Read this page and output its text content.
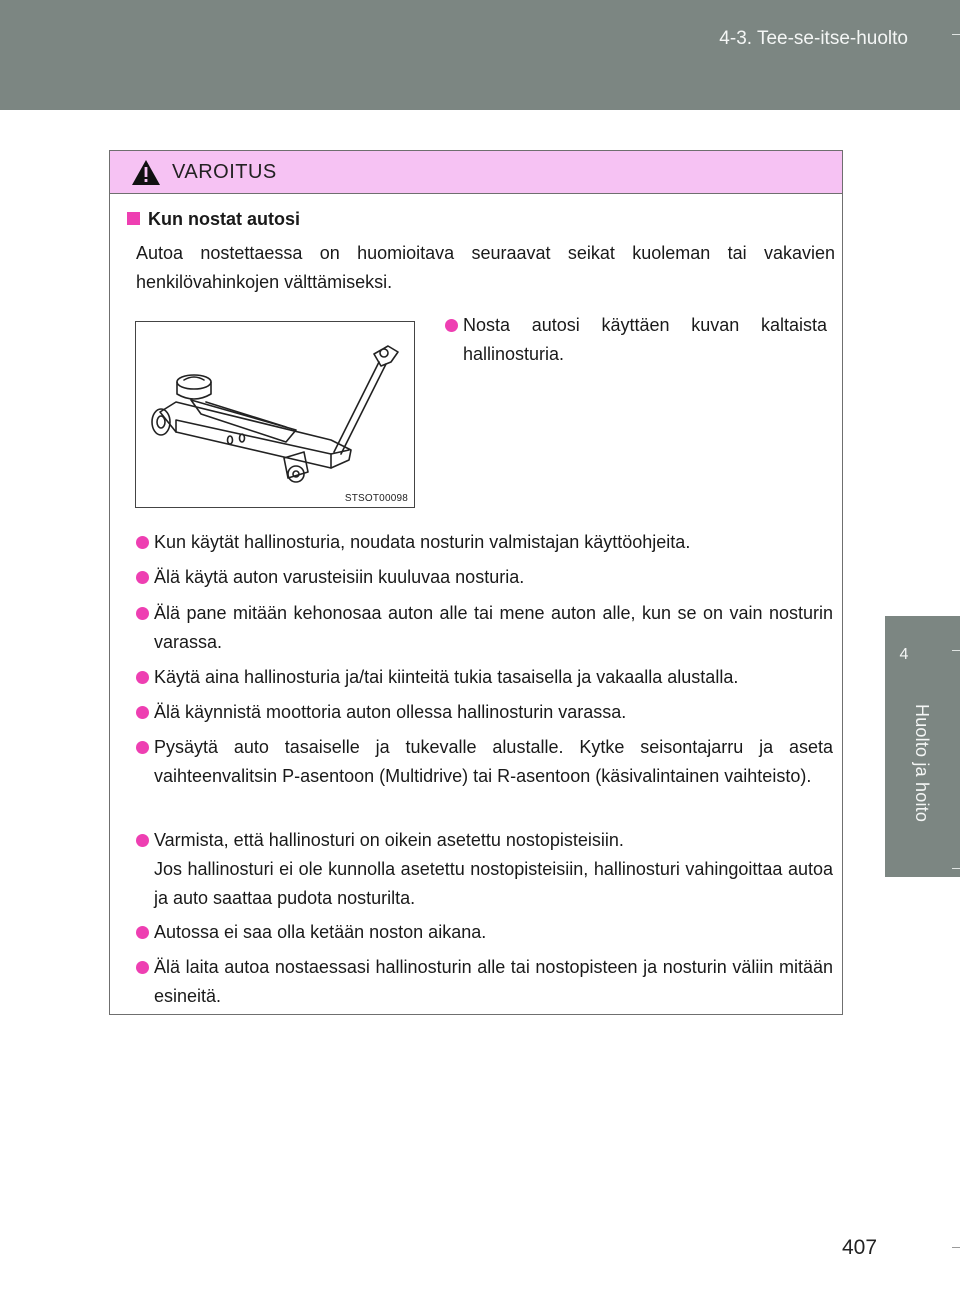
4-3. Tee-se-itse-huolto
4
Huolto ja hoito
VAROITUS
Kun nostat autosi
Autoa nostettaessa on huomioitava seuraavat seikat kuoleman tai vakavien henkilövahinkojen välttämiseksi.
STSOT00098
Nosta autosi käyttäen kuvan kaltaista hallinosturia.
Kun käytät hallinosturia, noudata nosturin valmistajan käyttöohjeita.
Älä käytä auton varusteisiin kuuluvaa nosturia.
Älä pane mitään kehonosaa auton alle tai mene auton alle, kun se on vain nosturin varassa.
Käytä aina hallinosturia ja/tai kiinteitä tukia tasaisella ja vakaalla alustalla.
Älä käynnistä moottoria auton ollessa hallinosturin varassa.
Pysäytä auto tasaiselle ja tukevalle alustalle. Kytke seisontajarru ja aseta vaihteenvalitsin P-asentoon (Multidrive) tai R-asentoon (käsivalintainen vaihteisto).
Varmista, että hallinosturi on oikein asetettu nostopisteisiin.
Jos hallinosturi ei ole kunnolla asetettu nostopisteisiin, hallinosturi vahingoittaa autoa ja auto saattaa pudota nosturilta.
Autossa ei saa olla ketään noston aikana.
Älä laita autoa nostaessasi hallinosturin alle tai nostopisteen ja nosturin väliin mitään esineitä.
407
